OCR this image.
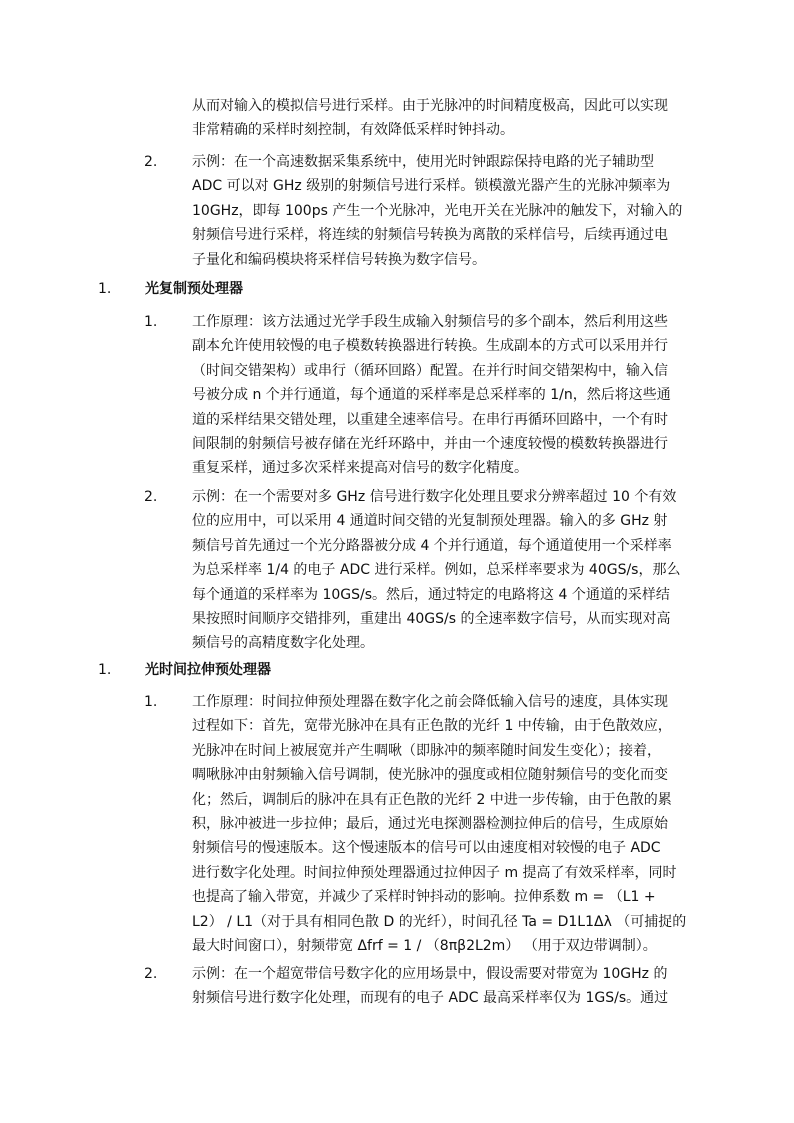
从而对输入的模拟信号进行采样。由于光脉冲的时间精度极高，因此可以实现
非常精确的采样时刻控制，有效降低采样时钟抖动。
2. 示例：在一个高速数据采集系统中，使用光时钟跟踪保持电路的光子辅助型
ADC 可以对 GHz 级别的射频信号进行采样。锁模激光器产生的光脉冲频率为
10GHz，即每 100ps 产生一个光脉冲，光电开关在光脉冲的触发下，对输入的
射频信号进行采样，将连续的射频信号转换为离散的采样信号，后续再通过电
子量化和编码模块将采样信号转换为数字信号。
1. 光复制预处理器
1. 工作原理：该方法通过光学手段生成输入射频信号的多个副本，然后利用这些
副本允许使用较慢的电子模数转换器进行转换。生成副本的方式可以采用并行
（时间交错架构）或串行（循环回路）配置。在并行时间交错架构中，输入信
号被分成 n 个并行通道，每个通道的采样率是总采样率的 1/n，然后将这些通
道的采样结果交错处理，以重建全速率信号。在串行再循环回路中，一个有时
间限制的射频信号被存储在光纤环路中，并由一个速度较慢的模数转换器进行
重复采样，通过多次采样来提高对信号的数字化精度。
2. 示例：在一个需要对多 GHz 信号进行数字化处理且要求分辨率超过 10 个有效
位的应用中，可以采用 4 通道时间交错的光复制预处理器。输入的多 GHz 射
频信号首先通过一个光分路器被分成 4 个并行通道，每个通道使用一个采样率
为总采样率 1/4 的电子 ADC 进行采样。例如，总采样率要求为 40GS/s，那么
每个通道的采样率为 10GS/s。然后，通过特定的电路将这 4 个通道的采样结
果按照时间顺序交错排列，重建出 40GS/s 的全速率数字信号，从而实现对高
频信号的高精度数字化处理。
1. 光时间拉伸预处理器
1. 工作原理：时间拉伸预处理器在数字化之前会降低输入信号的速度，具体实现
过程如下：首先，宽带光脉冲在具有正色散的光纤 1 中传输，由于色散效应，
光脉冲在时间上被展宽并产生啁啾（即脉冲的频率随时间发生变化）；接着，
啁啾脉冲由射频输入信号调制，使光脉冲的强度或相位随射频信号的变化而变
化；然后，调制后的脉冲在具有正色散的光纤 2 中进一步传输，由于色散的累
积，脉冲被进一步拉伸；最后，通过光电探测器检测拉伸后的信号，生成原始
射频信号的慢速版本。这个慢速版本的信号可以由速度相对较慢的电子 ADC
进行数字化处理。时间拉伸预处理器通过拉伸因子 m 提高了有效采样率，同时
也提高了输入带宽，并减少了采样时钟抖动的影响。拉伸系数 m = （L1 +
L2） / L1（对于具有相同色散 D 的光纤），时间孔径 Ta = D1L1Δλ （可捕捉的
最大时间窗口），射频带宽 Δfrf = 1 / （8πβ2L2m） （用于双边带调制）。
2. 示例：在一个超宽带信号数字化的应用场景中，假设需要对带宽为 10GHz 的
射频信号进行数字化处理，而现有的电子 ADC 最高采样率仅为 1GS/s。通过
